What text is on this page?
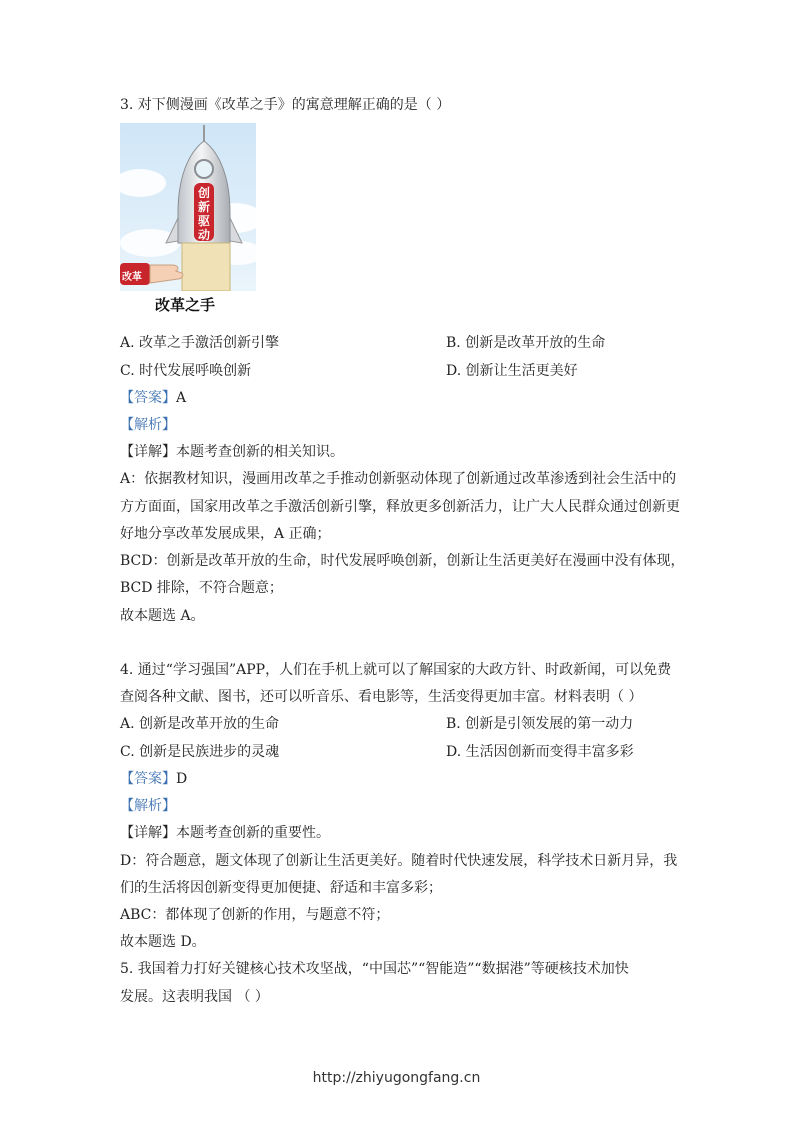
3. 对下侧漫画《改革之手》的寓意理解正确的是（ ）
创
新
驱
动
改革
改革之手
A. 改革之手激活创新引擎	B. 创新是改革开放的生命
C. 时代发展呼唤创新	D. 创新让生活更美好
【答案】A
【解析】
【详解】本题考查创新的相关知识。
A：依据教材知识，漫画用改革之手推动创新驱动体现了创新通过改革渗透到社会生活中的
方方面面，国家用改革之手激活创新引擎，释放更多创新活力，让广大人民群众通过创新更
好地分享改革发展成果，A 正确；
BCD：创新是改革开放的生命，时代发展呼唤创新，创新让生活更美好在漫画中没有体现，
BCD 排除，不符合题意；
故本题选 A。
4. 通过“学习强国”APP，人们在手机上就可以了解国家的大政方针、时政新闻，可以免费
查阅各种文献、图书，还可以听音乐、看电影等，生活变得更加丰富。材料表明（ ）
A. 创新是改革开放的生命	B. 创新是引领发展的第一动力
C. 创新是民族进步的灵魂	D. 生活因创新而变得丰富多彩
【答案】D
【解析】
【详解】本题考查创新的重要性。
D：符合题意，题文体现了创新让生活更美好。随着时代快速发展，科学技术日新月异，我
们的生活将因创新变得更加便捷、舒适和丰富多彩；
ABC：都体现了创新的作用，与题意不符；
故本题选 D。
5. 我国着力打好关键核心技术攻坚战，“中国芯”“智能造”“数据港”等硬核技术加快
发展。这表明我国 （ ）
http://zhiyugongfang.cn
